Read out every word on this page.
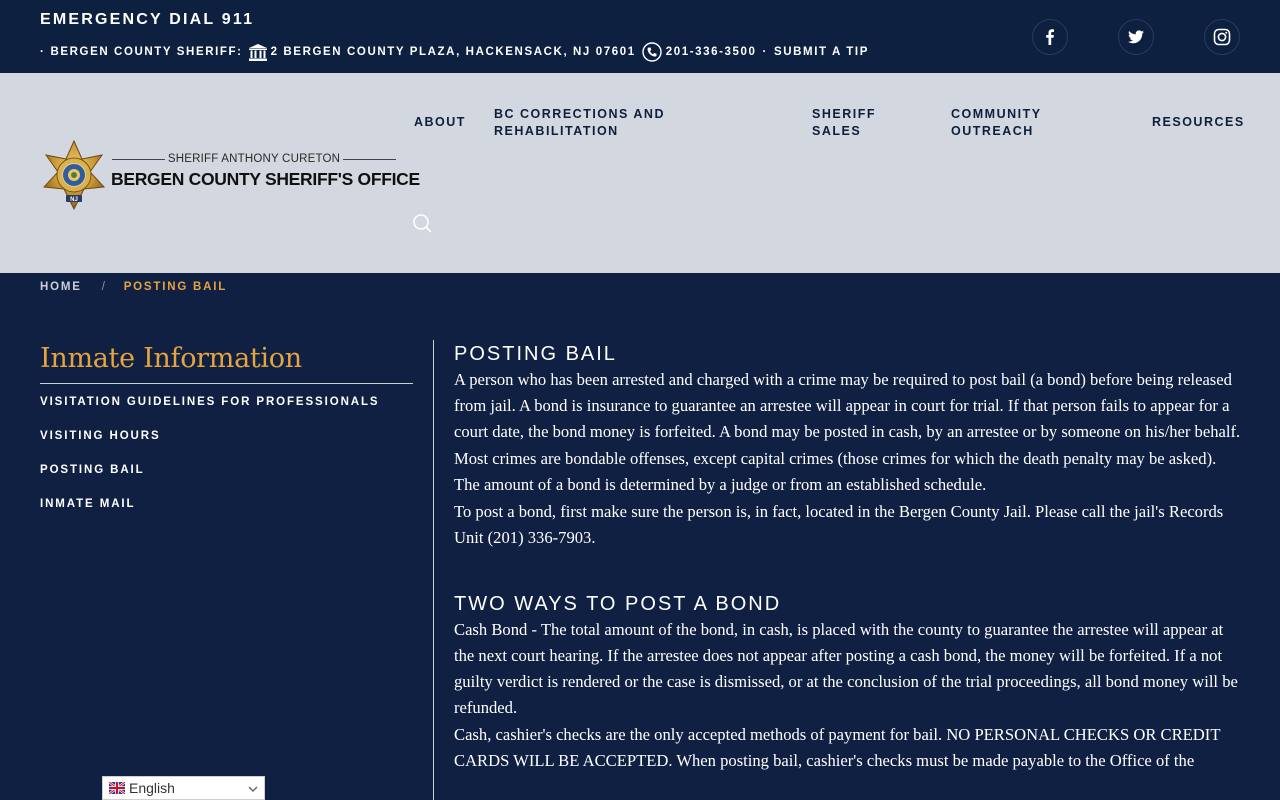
EMERGENCY DIAL 911
· BERGEN COUNTY SHERIFF: 2 BERGEN COUNTY PLAZA, HACKENSACK, NJ 07601	201-336-3500 · SUBMIT A TIP
NJ
SHERIFF ANTHONY CURETON
BERGEN COUNTY SHERIFF'S OFFICE
ABOUT
BC CORRECTIONS AND REHABILITATION
SHERIFF SALES
COMMUNITY OUTREACH
RESOURCES
HOME / POSTING BAIL
Inmate Information
VISITATION GUIDELINES FOR PROFESSIONALS
VISITING HOURS
POSTING BAIL
INMATE MAIL
POSTING BAIL

A person who has been arrested and charged with a crime may be required to post bail (a bond) before being released from jail. A bond is insurance to guarantee an arrestee will appear in court for trial. If that person fails to appear for a court date, the bond money is forfeited. A bond may be posted in cash, by an arrestee or by someone on his/her behalf.

Most crimes are bondable offenses, except capital crimes (those crimes for which the death penalty may be asked). The amount of a bond is determined by a judge or from an established schedule.

To post a bond, first make sure the person is, in fact, located in the Bergen County Jail. Please call the jail's Records Unit (201) 336-7903.

TWO WAYS TO POST A BOND

Cash Bond - The total amount of the bond, in cash, is placed with the county to guarantee the arrestee will appear at the next court hearing. If the arrestee does not appear after posting a cash bond, the money will be forfeited. If a not guilty verdict is rendered or the case is dismissed, or at the conclusion of the trial proceedings, all bond money will be refunded.

Cash, cashier's checks are the only accepted methods of payment for bail. NO PERSONAL CHECKS OR CREDIT CARDS WILL BE ACCEPTED. When posting bail, cashier's checks must be made payable to the Office of the

English
